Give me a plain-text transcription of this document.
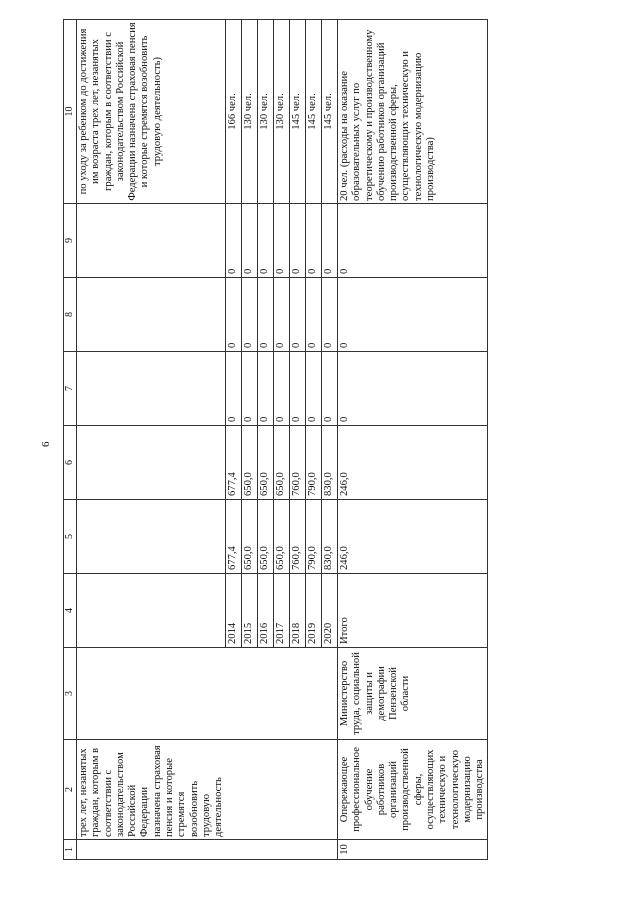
6
1	2	3	4	5	6	7	8	9	10
	трех лет, незанятых граждан, которым в соответствии с законодательством Российской Федерации назначена страховая пенсия и которые стремятся возобновить трудовую деятельность								по уходу за ребенком до достижения им возраста трех лет, незанятых граждан, которым в соответствии с законодательством Российской Федерации назначена страховая пенсия и которые стремятся возобновить трудовую деятельность)
			2014	677,4	677,4	0	0	0	166 чел.
			2015	650,0	650,0	0	0	0	130 чел.
			2016	650,0	650,0	0	0	0	130 чел.
			2017	650,0	650,0	0	0	0	130 чел.
			2018	760,0	760,0	0	0	0	145 чел.
			2019	790,0	790,0	0	0	0	145 чел.
			2020	830,0	830,0	0	0	0	145 чел.
10	Опережающее профессиональное обучение работников организаций производственной сферы, осуществляющих техническую и технологическую модернизацию производства	Министерство труда, социальной защиты и демографии Пензенской области	Итого	246,0	246,0	0	0	0	20 чел. (расходы на оказание образовательных услуг по теоретическому и производственному обучению работников организаций производственной сферы, осуществляющих техническую и технологическую модернизацию производства)
